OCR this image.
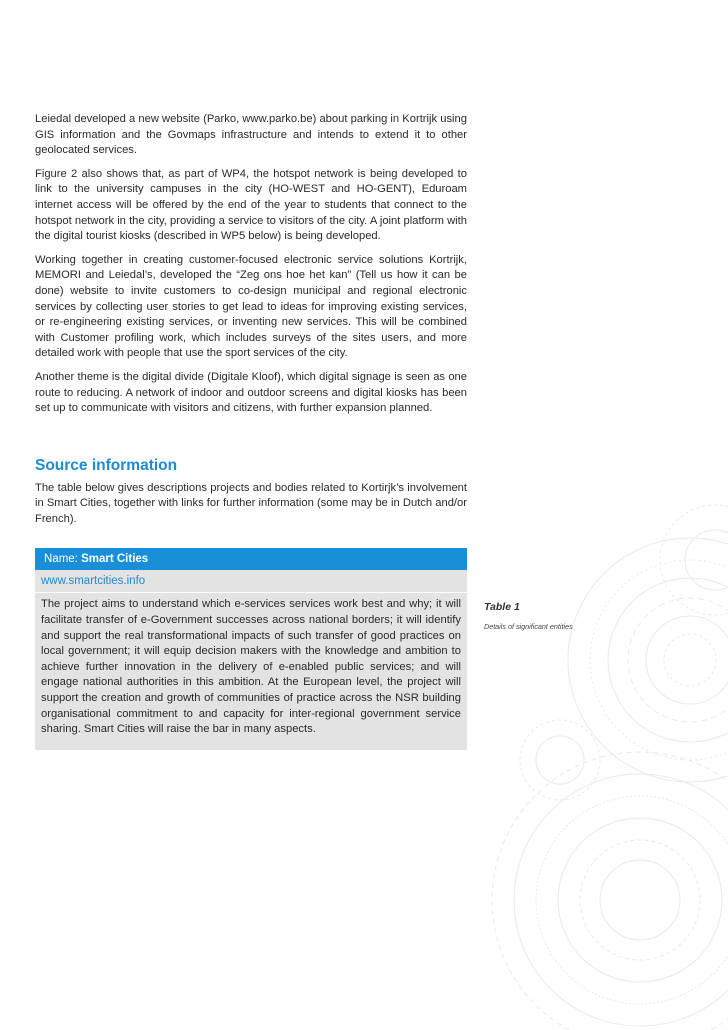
Leiedal developed a new website (Parko, www.parko.be) about parking in Kortrijk using GIS information and the Govmaps infrastructure and intends to extend it to other geolocated services.

Figure 2 also shows that, as part of WP4, the hotspot network is being developed to link to the university campuses in the city (HO-WEST and HO-GENT), Eduroam internet access will be offered by the end of the year to students that connect to the hotspot network in the city, providing a service to visitors of the city. A joint platform with the digital tourist kiosks (described in WP5 below) is being developed.

Working together in creating customer-focused electronic service solutions Kortrijk, MEMORI and Leiedal’s, developed the “Zeg ons hoe het kan” (Tell us how it can be done) website to invite customers to co-design municipal and regional electronic services by collecting user stories to get lead to ideas for improving existing services, or re-engineering existing services, or inventing new services. This will be combined with Customer profiling work, which includes surveys of the sites users, and more detailed work with people that use the sport services of the city.

Another theme is the digital divide (Digitale Kloof), which digital signage is seen as one route to reducing. A network of indoor and outdoor screens and digital kiosks has been set up to communicate with visitors and citizens, with further expansion planned.

Source information

The table below gives descriptions projects and bodies related to Kortirjk’s involvement in Smart Cities, together with links for further information (some may be in Dutch and/or French).

Name: Smart Cities
www.smartcities.info
The project aims to understand which e-services services work best and why; it will facilitate transfer of e-Government successes across national borders; it will identify and support the real transformational impacts of such transfer of good practices on local government; it will equip decision makers with the knowledge and ambition to achieve further innovation in the delivery of e-enabled public services; and will engage national authorities in this ambition. At the European level, the project will support the creation and growth of communities of practice across the NSR building organisational commitment to and capacity for inter-regional government service sharing. Smart Cities will raise the bar in many aspects.
Table 1
Details of significant entities
